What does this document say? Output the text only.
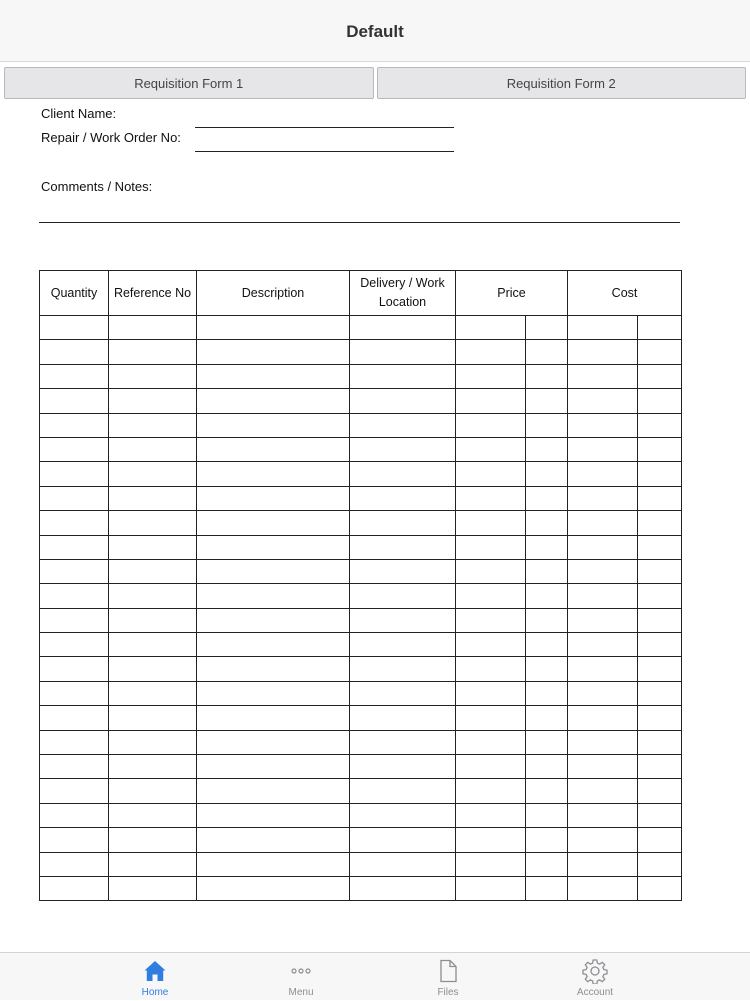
Default
Requisition Form 1	Requisition Form 2
Client Name:
Repair / Work Order No:
Comments / Notes:
Quantity	Reference No	Description	Delivery / Work Location	Price		Cost	

Home	Menu	Files	Account
